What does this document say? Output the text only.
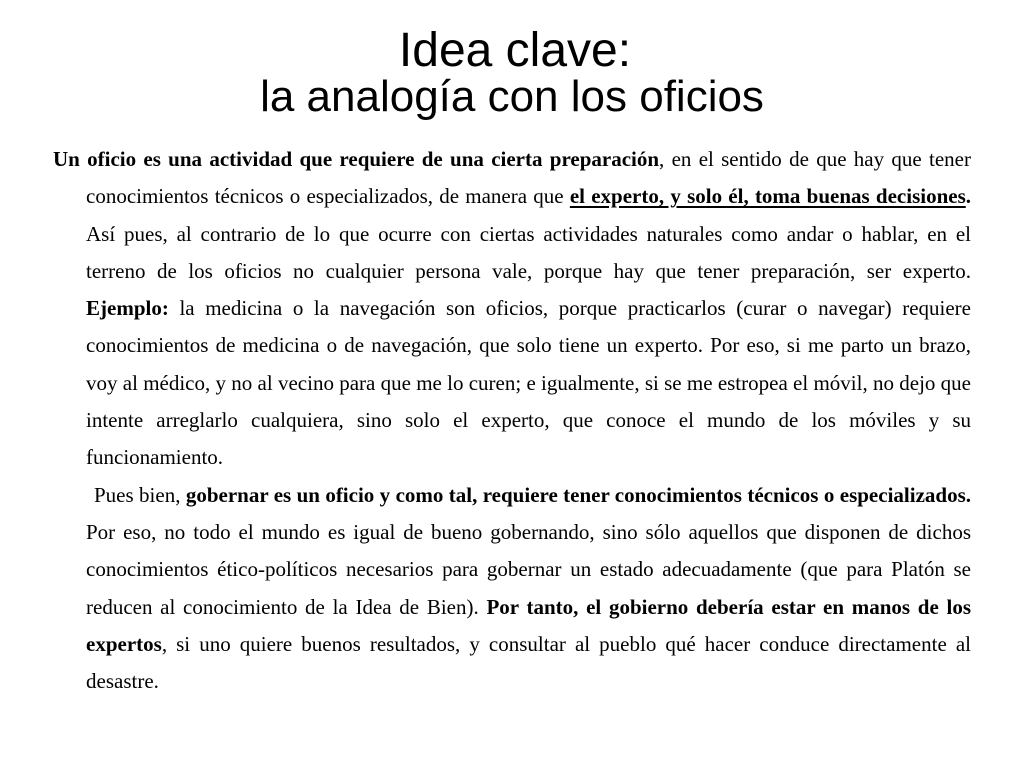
Idea clave:
la analogía con los oficios

Un oficio es una actividad que requiere de una cierta preparación, en el sentido de que hay que tener conocimientos técnicos o especializados, de manera que el experto, y solo él, toma buenas decisiones. Así pues, al contrario de lo que ocurre con ciertas actividades naturales como andar o hablar, en el terreno de los oficios no cualquier persona vale, porque hay que tener preparación, ser experto. Ejemplo: la medicina o la navegación son oficios, porque practicarlos (curar o navegar) requiere conocimientos de medicina o de navegación, que solo tiene un experto. Por eso, si me parto un brazo, voy al médico, y no al vecino para que me lo curen; e igualmente, si se me estropea el móvil, no dejo que intente arreglarlo cualquiera, sino solo el experto, que conoce el mundo de los móviles y su funcionamiento.

Pues bien, gobernar es un oficio y como tal, requiere tener conocimientos técnicos o especializados. Por eso, no todo el mundo es igual de bueno gobernando, sino sólo aquellos que disponen de dichos conocimientos ético-políticos necesarios para gobernar un estado adecuadamente (que para Platón se reducen al conocimiento de la Idea de Bien). Por tanto, el gobierno debería estar en manos de los expertos, si uno quiere buenos resultados, y consultar al pueblo qué hacer conduce directamente al desastre.
